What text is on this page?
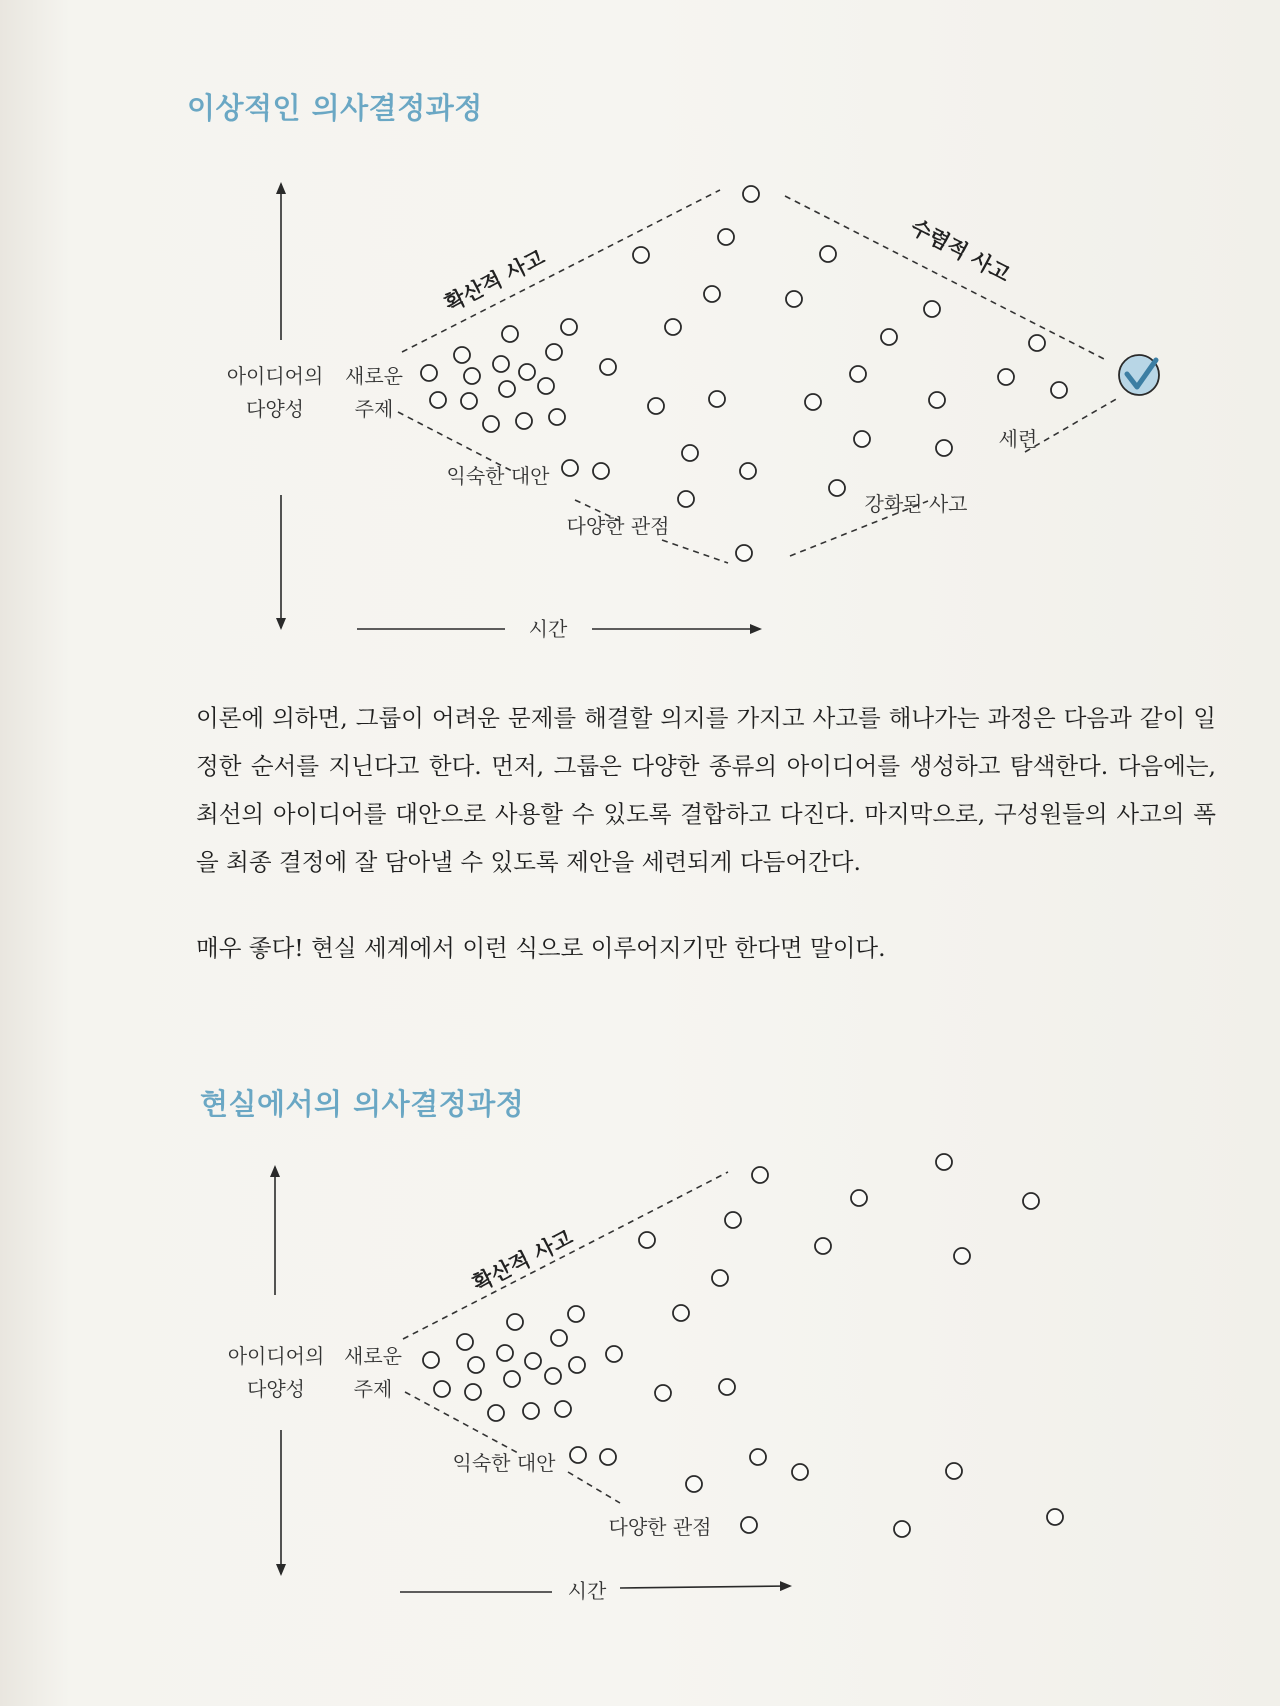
이상적인 의사결정과정
아이디어의
다양성
새로운
주제
확산적 사고	수렴적 사고
익숙한 대안
다양한 관점
세련
강화된 사고
시간

이론에 의하면, 그룹이 어려운 문제를 해결할 의지를 가지고 사고를 해나가는 과정은 다음과 같이 일정한 순서를 지닌다고 한다. 먼저, 그룹은 다양한 종류의 아이디어를 생성하고 탐색한다. 다음에는, 최선의 아이디어를 대안으로 사용할 수 있도록 결합하고 다진다. 마지막으로, 구성원들의 사고의 폭을 최종 결정에 잘 담아낼 수 있도록 제안을 세련되게 다듬어간다.

매우 좋다! 현실 세계에서 이런 식으로 이루어지기만 한다면 말이다.

현실에서의 의사결정과정
아이디어의
다양성
새로운
주제
확산적 사고
익숙한 대안
다양한 관점
시간
